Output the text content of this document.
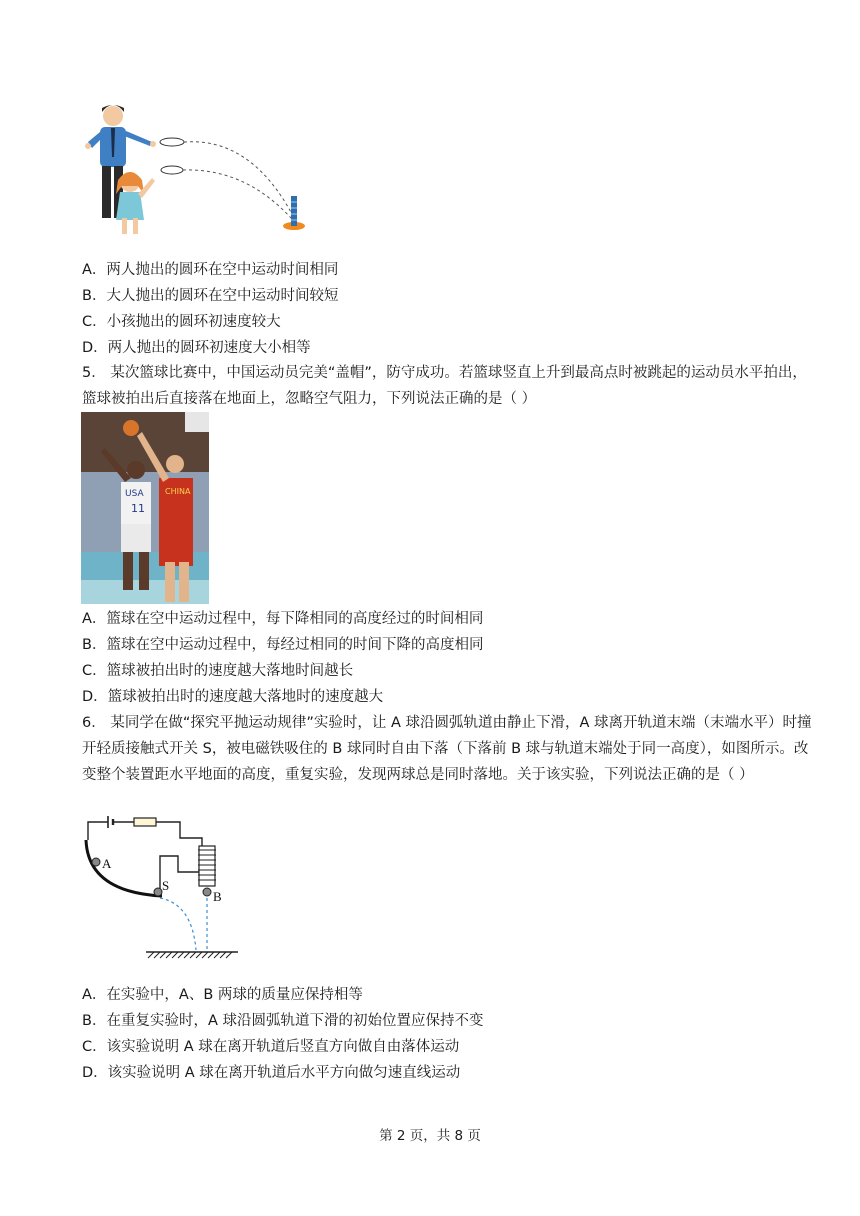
A．两人抛出的圆环在空中运动时间相同
B．大人抛出的圆环在空中运动时间较短
C．小孩抛出的圆环初速度较大
D．两人抛出的圆环初速度大小相等
5． 某次篮球比赛中，中国运动员完美“盖帽”，防守成功。若篮球竖直上升到最高点时被跳起的运动员水平拍出，篮球被拍出后直接落在地面上，忽略空气阻力，下列说法正确的是（ ）
USA
11
CHINA
A．篮球在空中运动过程中，每下降相同的高度经过的时间相同
B．篮球在空中运动过程中，每经过相同的时间下降的高度相同
C．篮球被拍出时的速度越大落地时间越长
D．篮球被拍出时的速度越大落地时的速度越大
6． 某同学在做“探究平抛运动规律”实验时，让 A 球沿圆弧轨道由静止下滑，A 球离开轨道末端（末端水平）时撞开轻质接触式开关 S，被电磁铁吸住的 B 球同时自由下落（下落前 B 球与轨道末端处于同一高度），如图所示。改变整个装置距水平地面的高度，重复实验，发现两球总是同时落地。关于该实验，下列说法正确的是（ ）
A
S
B
A．在实验中，A、B 两球的质量应保持相等
B．在重复实验时，A 球沿圆弧轨道下滑的初始位置应保持不变
C．该实验说明 A 球在离开轨道后竖直方向做自由落体运动
D．该实验说明 A 球在离开轨道后水平方向做匀速直线运动
第 2 页，共 8 页
